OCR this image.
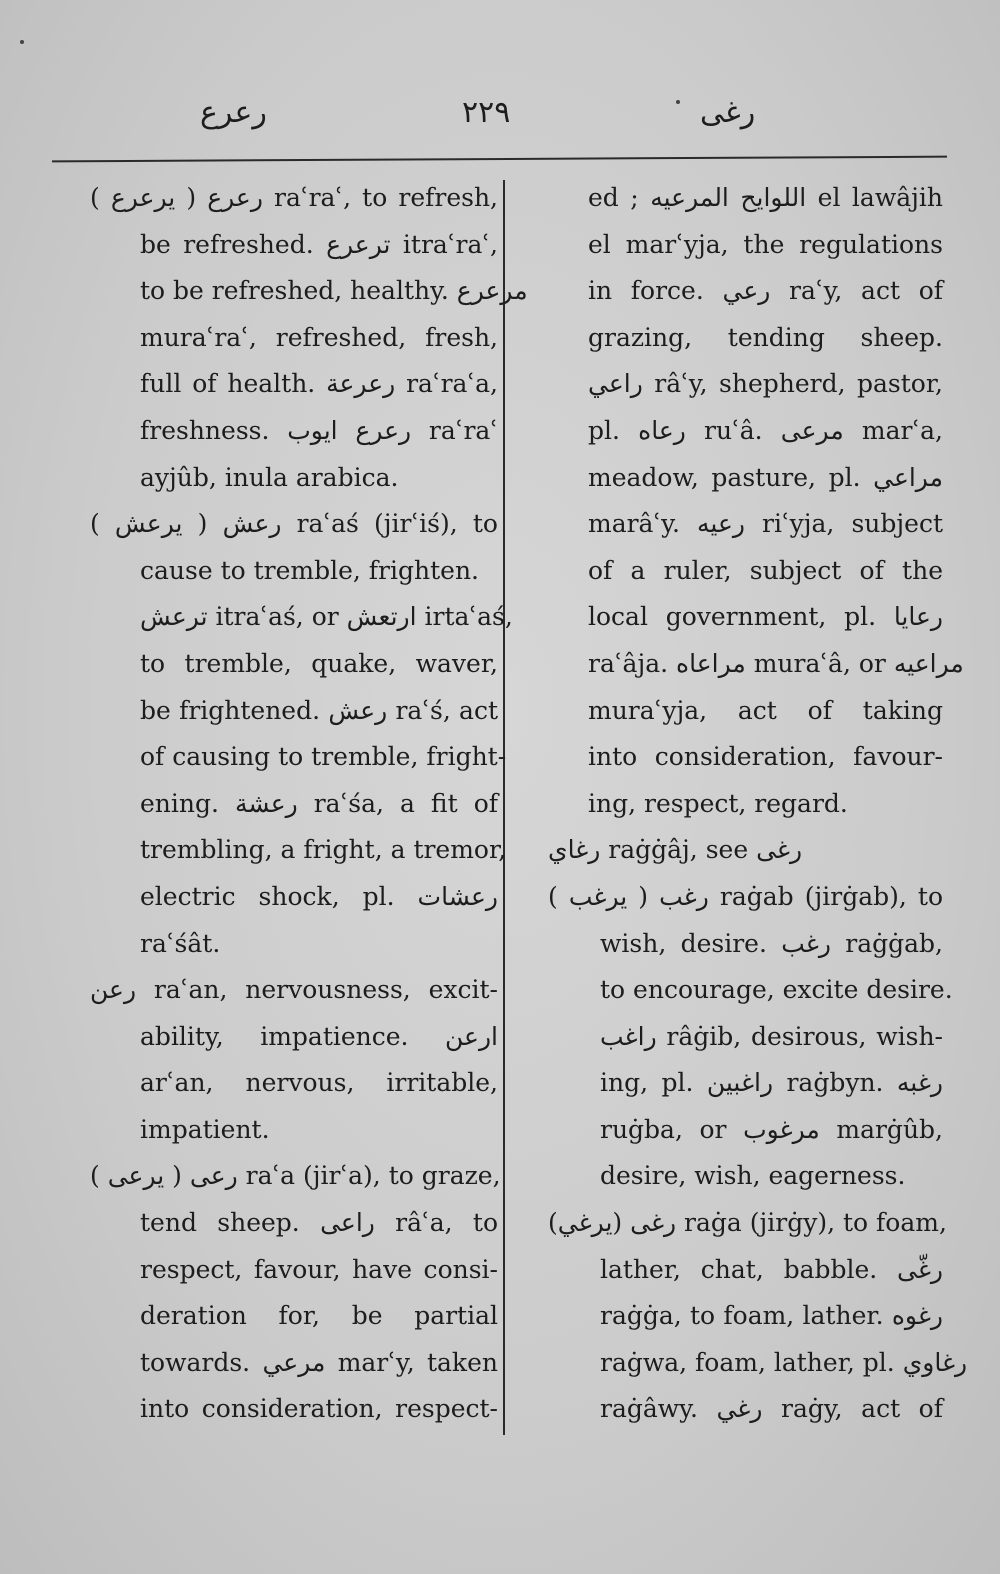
رعرع	٢٢٩	رغى
رعرع ( يرعرع ) raʿraʿ, to refresh,
be refreshed. ترعرع itraʿraʿ,
to be refreshed, healthy. مرعرع
muraʿraʿ, refreshed, fresh,
full of health. رعرعة raʿraʿa,
freshness. رعرع ايوب raʿraʿ
ayjûb, inula arabica.
رعش ( يرعش ) raʿaś (jirʿiś), to
cause to tremble, frighten.
ترعش itraʿaś, or ارتعش irtaʿaś,
to tremble, quake, waver,
be frightened. رعش raʿś, act
of causing to tremble, fright-
ening. رعشة raʿśa, a fit of
trembling, a fright, a tremor,
electric shock, pl. رعشات
raʿśât.
رعن raʿan, nervousness, excit-
ability, impatience. ارعن
arʿan, nervous, irritable,
impatient.
رعى ( يرعى ) raʿa (jirʿa), to graze,
tend sheep. راعى râʿa, to
respect, favour, have consi-
deration for, be partial
towards. مرعي marʿy, taken
into consideration, respect-
ed ; اللوايح المرعيه el lawâjih
el marʿyja, the regulations
in force. رعي raʿy, act of
grazing, tending sheep.
راعي râʿy, shepherd, pastor,
pl. رعاه ruʿâ. مرعى marʿa,
meadow, pasture, pl. مراعي
marâʿy. رعيه riʿyja, subject
of a ruler, subject of the
local government, pl. رعايا
raʿâja. مراعاه muraʿâ, or مراعيه
muraʿyja, act of taking
into consideration, favour-
ing, respect, regard.
رغاي raġġâj, see رغى
رغب ( يرغب ) raġab (jirġab), to
wish, desire. رغب raġġab,
to encourage, excite desire.
راغب râġib, desirous, wish-
ing, pl. راغبين raġbyn. رغبه
ruġba, or مرغوب marġûb,
desire, wish, eagerness.
رغى (يرغي) raġa (jirġy), to foam,
lather, chat, babble. رغّى
raġġa, to foam, lather. رغوه
raġwa, foam, lather, pl. رغاوي
raġâwy. رغي raġy, act of
